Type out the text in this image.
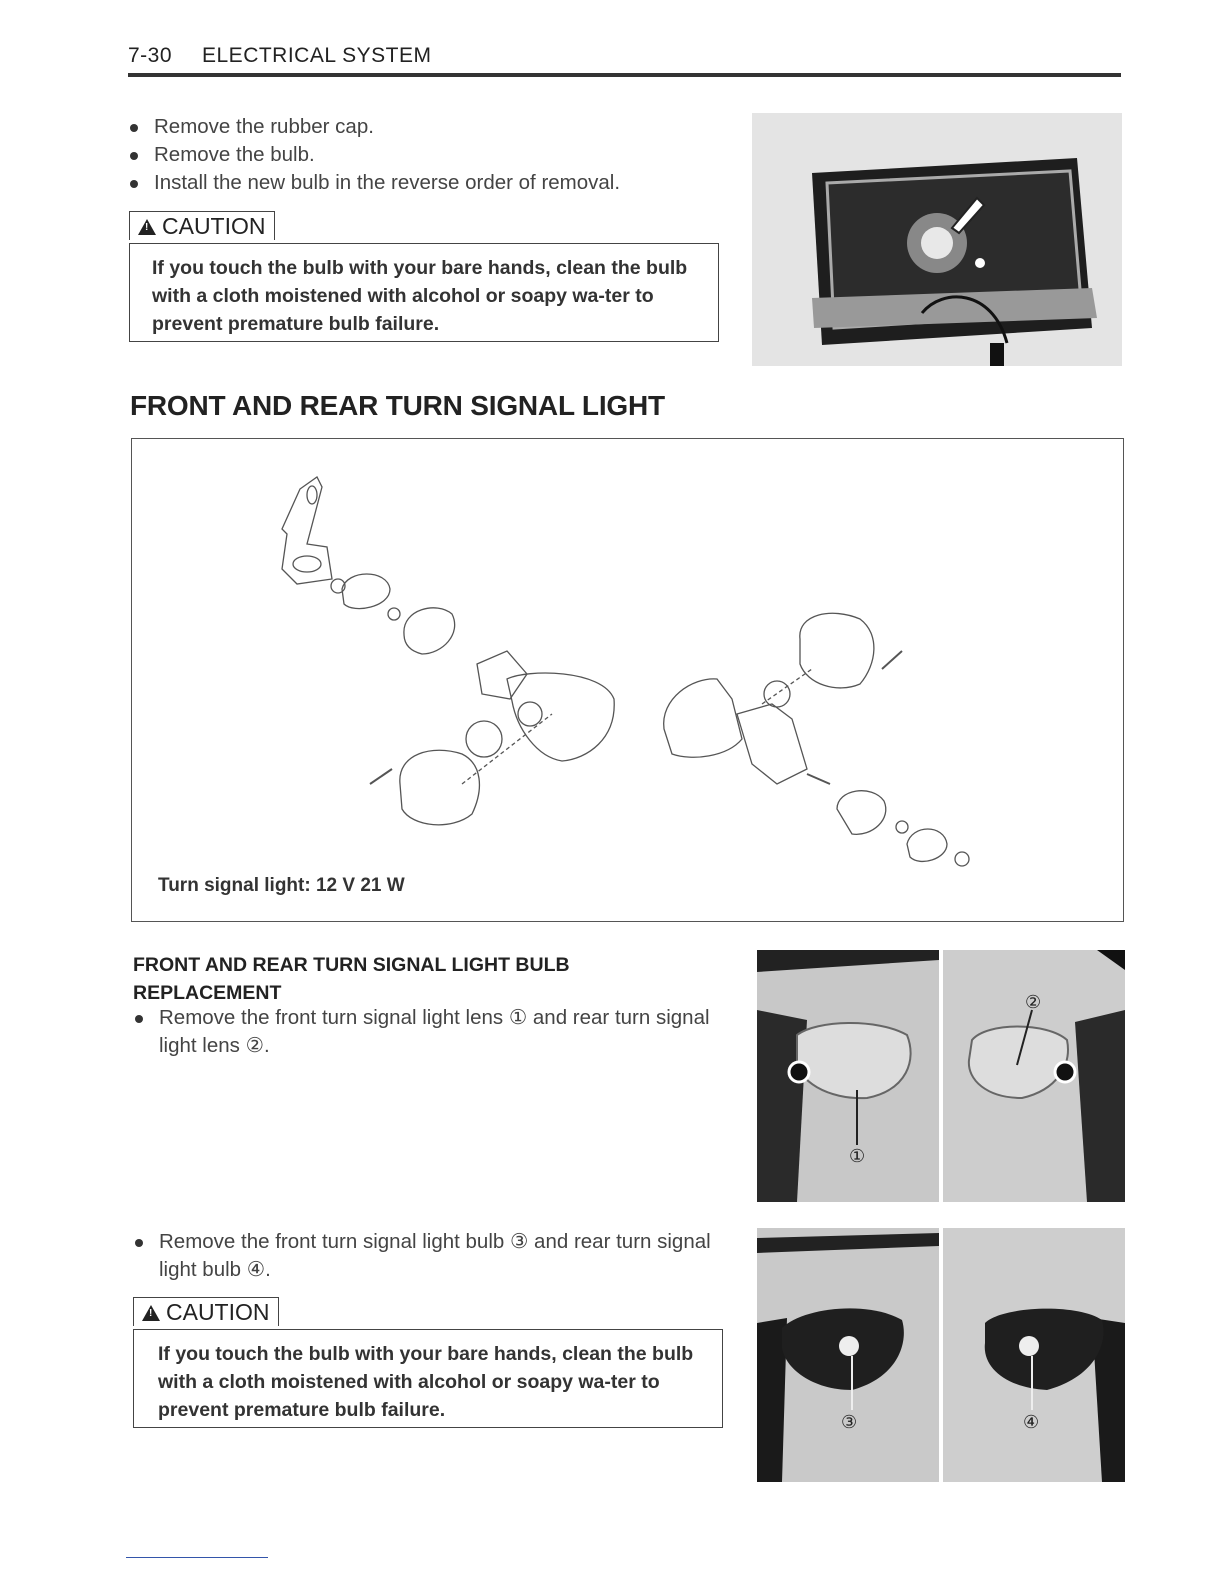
7-30 ELECTRICAL SYSTEM
Remove the rubber cap.
Remove the bulb.
Install the new bulb in the reverse order of removal.
! CAUTION
If you touch the bulb with your bare hands, clean the bulb with a cloth moistened with alcohol or soapy wa-ter to prevent premature bulb failure.
FRONT AND REAR TURN SIGNAL LIGHT
Turn signal light: 12 V 21 W
FRONT AND REAR TURN SIGNAL LIGHT BULB REPLACEMENT
Remove the front turn signal light lens ① and rear turn signal light lens ②.
①
②
Remove the front turn signal light bulb ③ and rear turn signal light bulb ④.
! CAUTION
If you touch the bulb with your bare hands, clean the bulb with a cloth moistened with alcohol or soapy wa-ter to prevent premature bulb failure.
③	④
